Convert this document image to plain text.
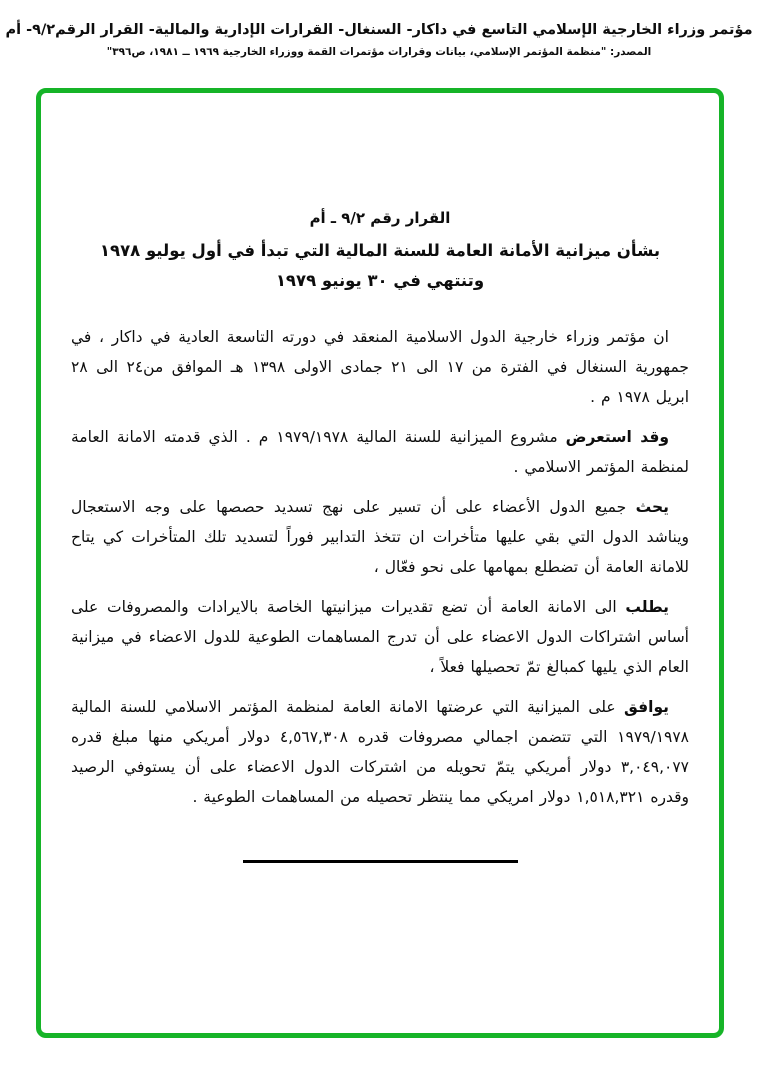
مؤتمر وزراء الخارجية الإسلامي التاسع في داكار- السنغال- القرارات الإدارية والمالية- القرار الرقم٩/٢- أم
المصدر: "منظمة المؤتمر الإسلامي، بيانات وقرارات مؤتمرات القمة ووزراء الخارجية ١٩٦٩ ــ ١٩٨١، ص٣٩٦"
القرار رقم ٩/٢ ـ أم
بشأن ميزانية الأمانة العامة للسنة المالية التي تبدأ في أول يوليو ١٩٧٨
وتنتهي في ٣٠ يونيو ١٩٧٩

ان مؤتمر وزراء خارجية الدول الاسلامية المنعقد في دورته التاسعة العادية في داكار ، في جمهورية السنغال في الفترة من ١٧ الى ٢١ جمادى الاولى ١٣٩٨ هـ الموافق من٢٤ الى ٢٨ ابريل ١٩٧٨ م .

وقد استعرض مشروع الميزانية للسنة المالية ١٩٧٩/١٩٧٨ م . الذي قدمته الامانة العامة لمنظمة المؤتمر الاسلامي .

يحث جميع الدول الأعضاء على أن تسير على نهج تسديد حصصها على وجه الاستعجال ويناشد الدول التي بقي عليها متأخرات ان تتخذ التدابير فوراً لتسديد تلك المتأخرات كي يتاح للامانة العامة أن تضطلع بمهامها على نحو فعّال ،

يطلب الى الامانة العامة أن تضع تقديرات ميزانيتها الخاصة بالايرادات والمصروفات على أساس اشتراكات الدول الاعضاء على أن تدرج المساهمات الطوعية للدول الاعضاء في ميزانية العام الذي يليها كمبالغ تمّ تحصيلها فعلاً ،

يوافق على الميزانية التي عرضتها الامانة العامة لمنظمة المؤتمر الاسلامي للسنة المالية ١٩٧٩/١٩٧٨ التي تتضمن اجمالي مصروفات قدره ٤,٥٦٧,٣٠٨ دولار أمريكي منها مبلغ قدره ٣,٠٤٩,٠٧٧ دولار أمريكي يتمّ تحويله من اشتركات الدول الاعضاء على أن يستوفي الرصيد وقدره ١,٥١٨,٣٢١ دولار امريكي مما ينتظر تحصيله من المساهمات الطوعية .
